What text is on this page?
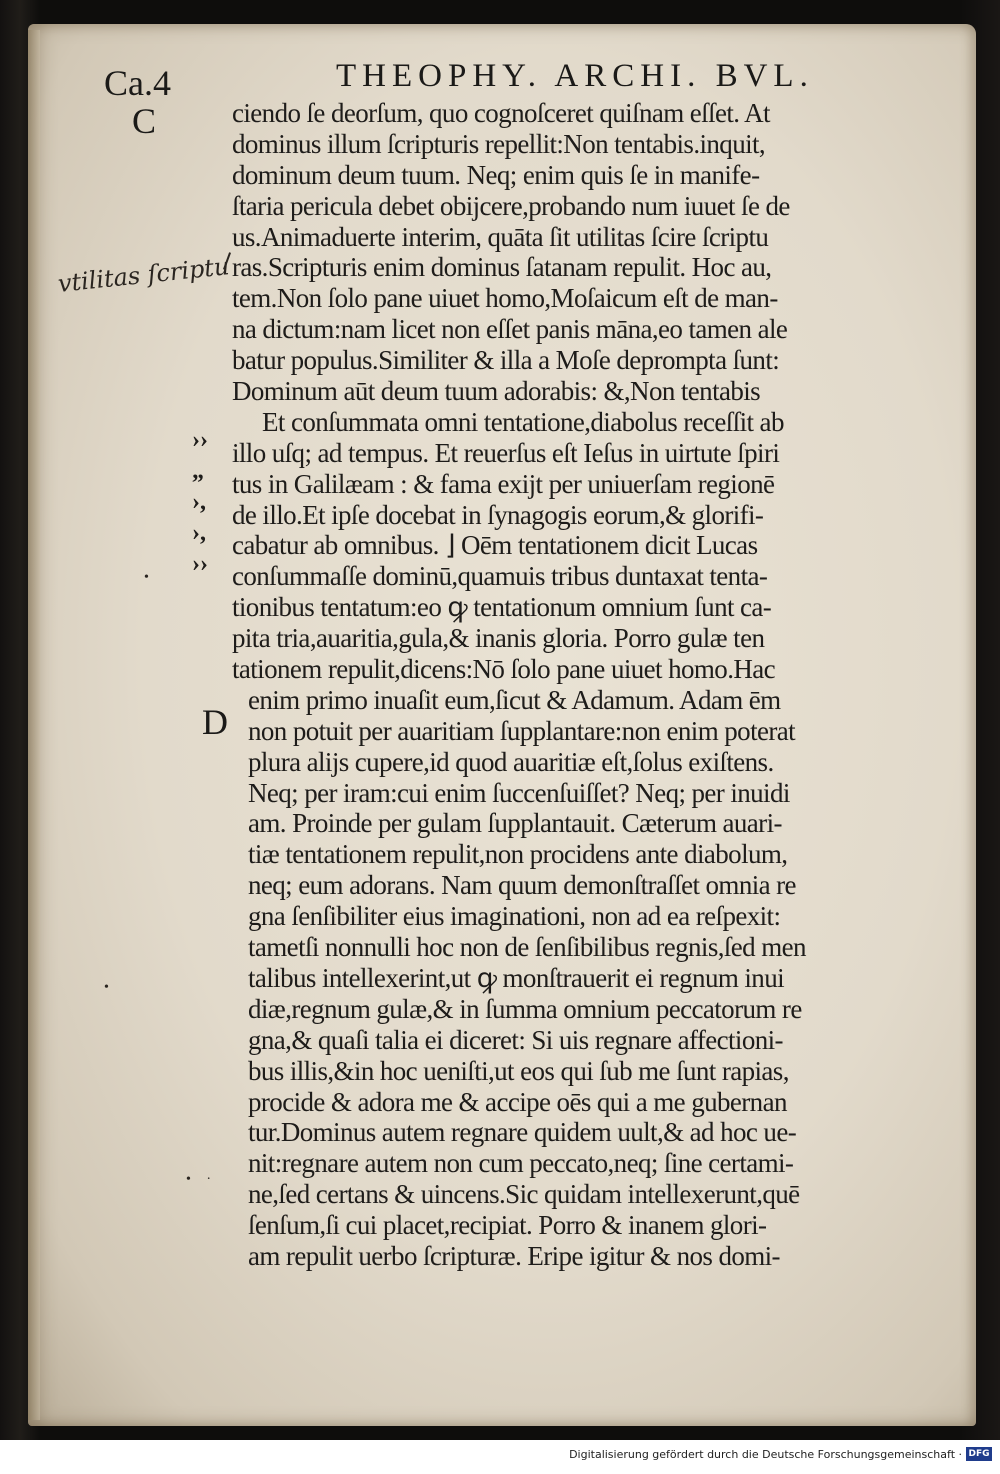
Ca.4	THEOPHY. ARCHI. BVL.
C
D
vtilitas ſcriptu
››
„
›,
›,
››
•
•
• ·
ciendo ſe deorſum, quo cognoſceret quiſnam eſſet. At
dominus illum ſcripturis repellit:Non tentabis.inquit,
dominum deum tuum. Neq; enim quis ſe in manife-
ſtaria pericula debet obijcere,probando num iuuet ſe de
us.Animaduerte interim, quāta ſit utilitas ſcire ſcriptu
ras.Scripturis enim dominus ſatanam repulit. Hoc au,
tem.Non ſolo pane uiuet homo,Moſaicum eſt de man-
na dictum:nam licet non eſſet panis māna,eo tamen ale
batur populus.Similiter & illa a Moſe deprompta ſunt:
Dominum aūt deum tuum adorabis: &,Non tentabis
Et conſummata omni tentatione,diabolus receſſit ab
illo uſq; ad tempus. Et reuerſus eſt Ieſus in uirtute ſpiri
tus in Galilæam : & fama exijt per uniuerſam regionē
de illo.Et ipſe docebat in ſynagogis eorum,& glorifi-
cabatur ab omnibus. ⌋ Oēm tentationem dicit Lucas
conſummaſſe dominū,quamuis tribus duntaxat tenta-
tionibus tentatum:eo ꝙ tentationum omnium ſunt ca-
pita tria,auaritia,gula,& inanis gloria. Porro gulæ ten
tationem repulit,dicens:Nō ſolo pane uiuet homo.Hac
enim primo inuaſit eum,ſicut & Adamum. Adam ēm
non potuit per auaritiam ſupplantare:non enim poterat
plura alijs cupere,id quod auaritiæ eſt,ſolus exiſtens.
Neq; per iram:cui enim ſuccenſuiſſet? Neq; per inuidi
am. Proinde per gulam ſupplantauit. Cæterum auari-
tiæ tentationem repulit,non procidens ante diabolum,
neq; eum adorans. Nam quum demonſtraſſet omnia re
gna ſenſibiliter eius imaginationi, non ad ea reſpexit:
tametſi nonnulli hoc non de ſenſibilibus regnis,ſed men
talibus intellexerint,ut ꝙ monſtrauerit ei regnum inui
diæ,regnum gulæ,& in ſumma omnium peccatorum re
gna,& quaſi talia ei diceret: Si uis regnare affectioni-
bus illis,&in hoc ueniſti,ut eos qui ſub me ſunt rapias,
procide & adora me & accipe oēs qui a me gubernan
tur.Dominus autem regnare quidem uult,& ad hoc ue-
nit:regnare autem non cum peccato,neq; ſine certami-
ne,ſed certans & uincens.Sic quidam intellexerunt,quē
ſenſum,ſi cui placet,recipiat. Porro & inanem glori-
am repulit uerbo ſcripturæ. Eripe igitur & nos domi-
Digitalisierung gefördert durch die Deutsche Forschungsgemeinschaft · DFG
